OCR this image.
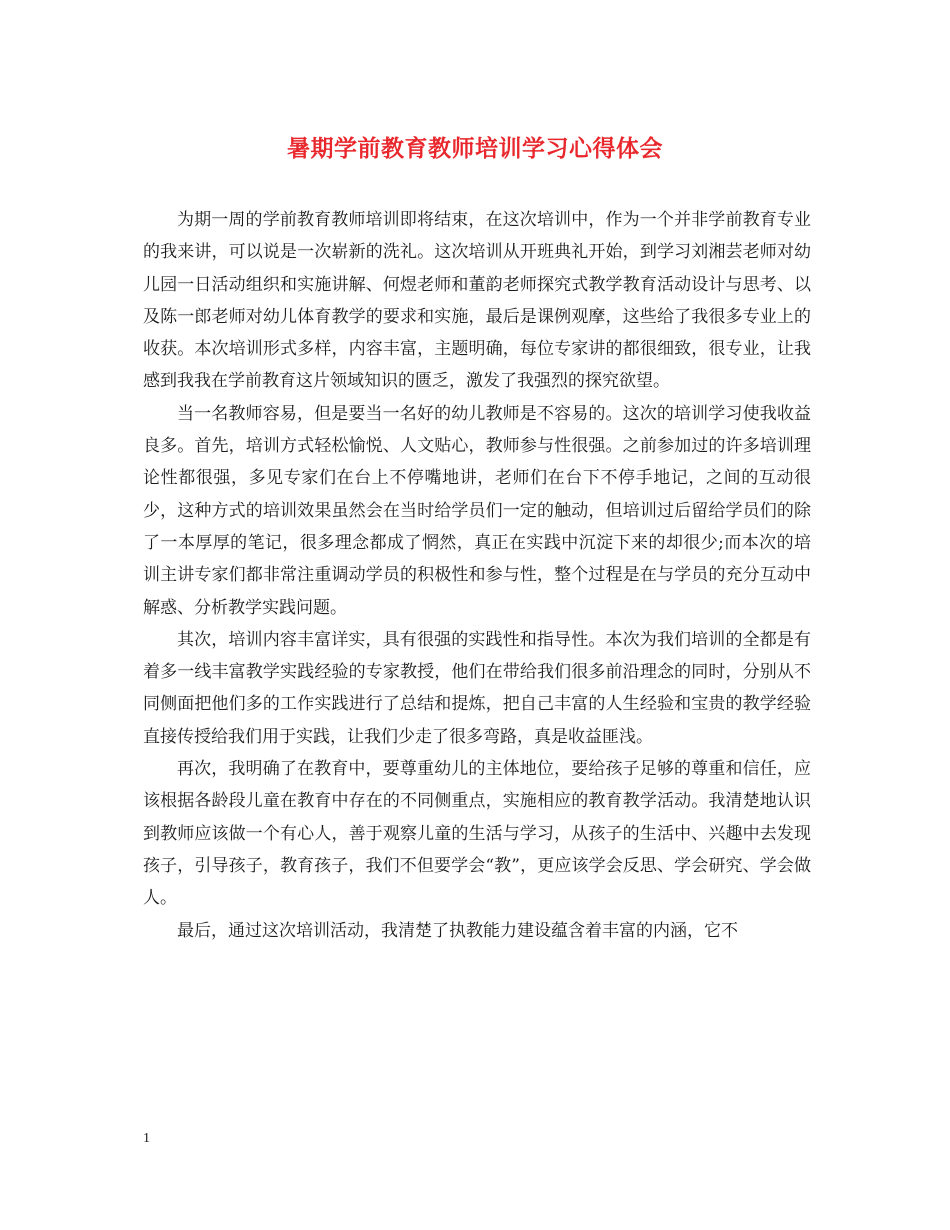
暑期学前教育教师培训学习心得体会

为期一周的学前教育教师培训即将结束，在这次培训中，作为一个并非学前教育专业的我来讲，可以说是一次崭新的洗礼。这次培训从开班典礼开始，到学习刘湘芸老师对幼儿园一日活动组织和实施讲解、何煜老师和董韵老师探究式教学教育活动设计与思考、以及陈一郎老师对幼儿体育教学的要求和实施，最后是课例观摩，这些给了我很多专业上的收获。本次培训形式多样，内容丰富，主题明确，每位专家讲的都很细致，很专业，让我感到我我在学前教育这片领域知识的匮乏，激发了我强烈的探究欲望。

当一名教师容易，但是要当一名好的幼儿教师是不容易的。这次的培训学习使我收益良多。首先，培训方式轻松愉悦、人文贴心，教师参与性很强。之前参加过的许多培训理论性都很强，多见专家们在台上不停嘴地讲，老师们在台下不停手地记，之间的互动很少，这种方式的培训效果虽然会在当时给学员们一定的触动，但培训过后留给学员们的除了一本厚厚的笔记，很多理念都成了惘然，真正在实践中沉淀下来的却很少;而本次的培训主讲专家们都非常注重调动学员的积极性和参与性，整个过程是在与学员的充分互动中解惑、分析教学实践问题。

其次，培训内容丰富详实，具有很强的实践性和指导性。本次为我们培训的全都是有着多一线丰富教学实践经验的专家教授，他们在带给我们很多前沿理念的同时，分别从不同侧面把他们多的工作实践进行了总结和提炼，把自己丰富的人生经验和宝贵的教学经验直接传授给我们用于实践，让我们少走了很多弯路，真是收益匪浅。

再次，我明确了在教育中，要尊重幼儿的主体地位，要给孩子足够的尊重和信任，应该根据各龄段儿童在教育中存在的不同侧重点，实施相应的教育教学活动。我清楚地认识到教师应该做一个有心人，善于观察儿童的生活与学习，从孩子的生活中、兴趣中去发现孩子，引导孩子，教育孩子，我们不但要学会“教”，更应该学会反思、学会研究、学会做人。

最后，通过这次培训活动，我清楚了执教能力建设蕴含着丰富的内涵，它不

1
